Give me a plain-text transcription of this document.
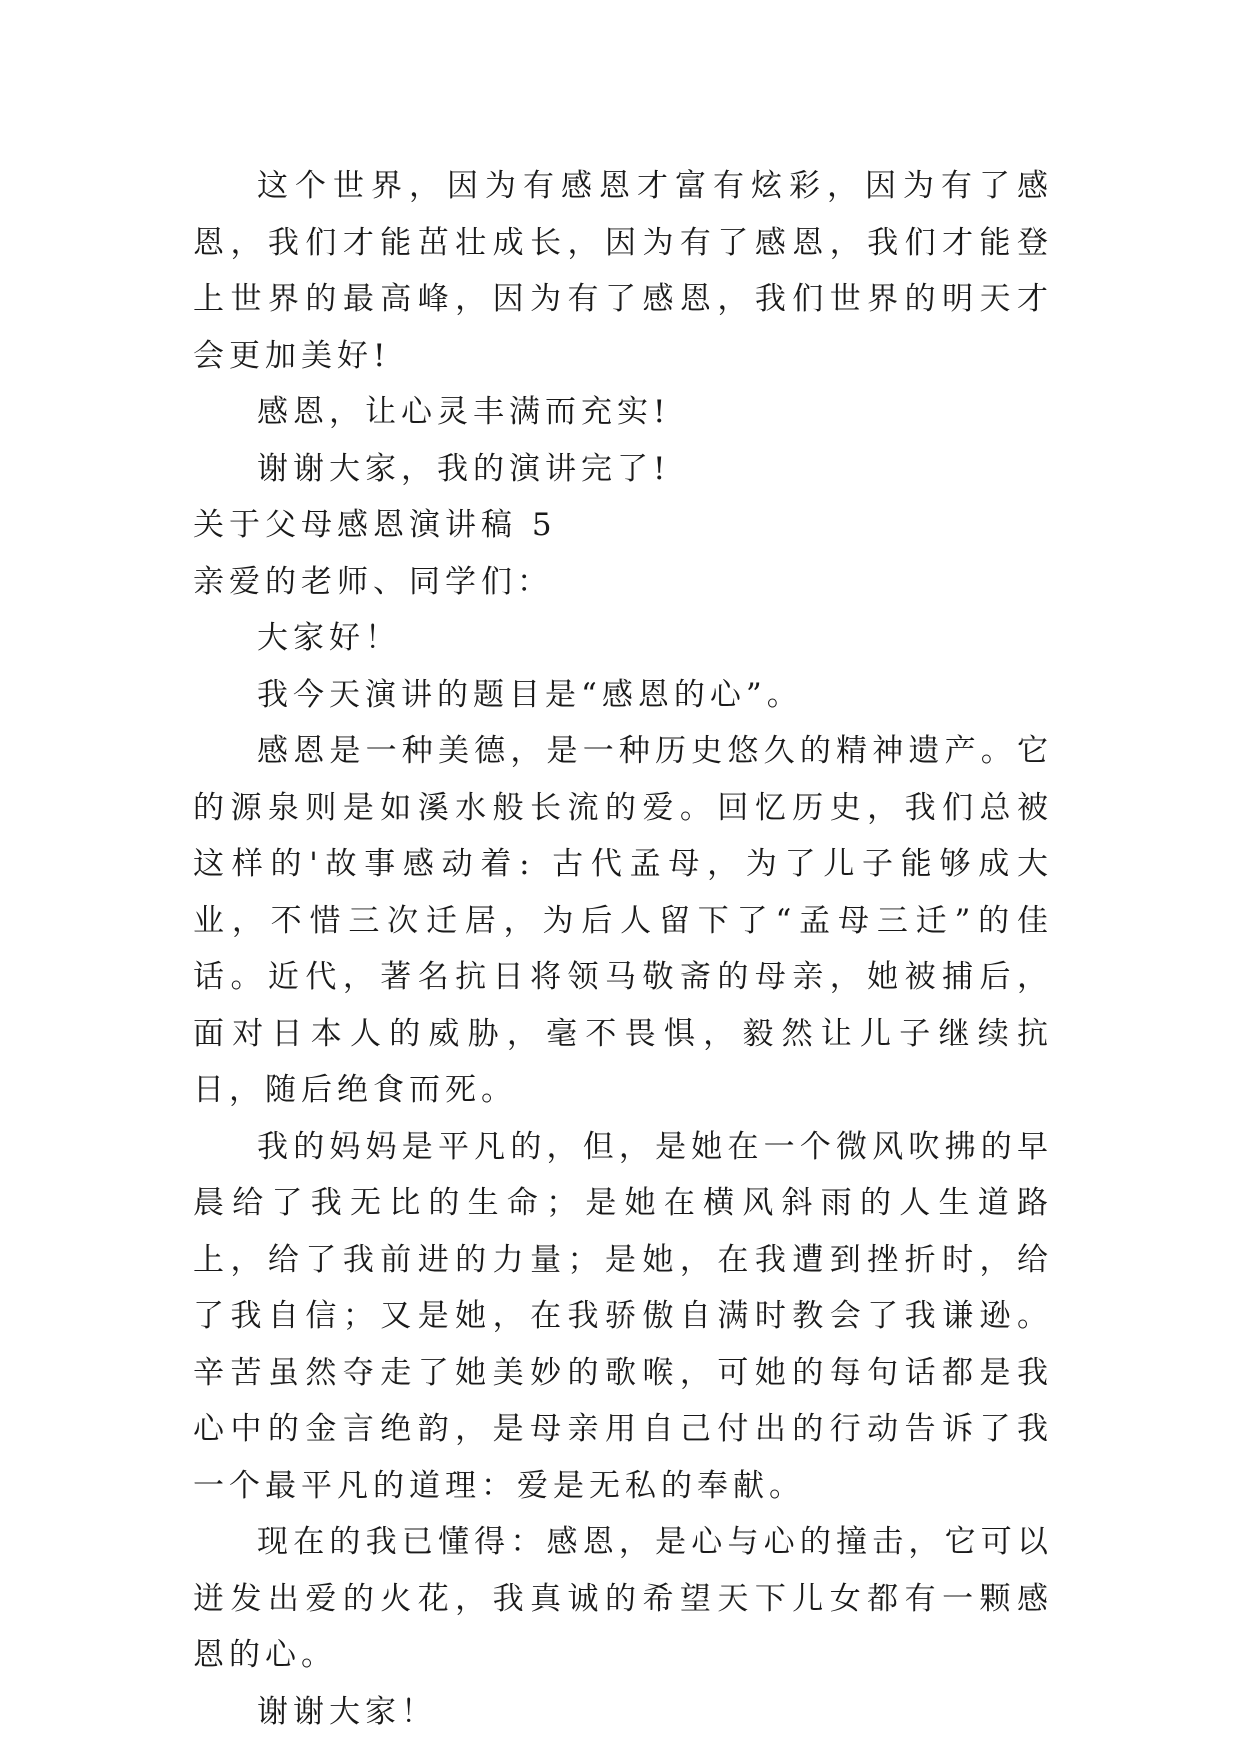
这个世界，因为有感恩才富有炫彩，因为有了感恩，我们才能茁壮成长，因为有了感恩，我们才能登上世界的最高峰，因为有了感恩，我们世界的明天才会更加美好!

感恩，让心灵丰满而充实!

谢谢大家，我的演讲完了!

关于父母感恩演讲稿 5

亲爱的老师、同学们：

大家好！

我今天演讲的题目是“感恩的心”。

感恩是一种美德，是一种历史悠久的精神遗产。它的源泉则是如溪水般长流的爱。回忆历史，我们总被这样的'故事感动着: 古代孟母，为了儿子能够成大业，不惜三次迁居，为后人留下了“孟母三迁”的佳话。近代，著名抗日将领马敬斋的母亲，她被捕后，面对日本人的威胁，毫不畏惧，毅然让儿子继续抗日，随后绝食而死。

我的妈妈是平凡的，但，是她在一个微风吹拂的早晨给了我无比的生命；是她在横风斜雨的人生道路上，给了我前进的力量；是她，在我遭到挫折时，给了我自信；又是她，在我骄傲自满时教会了我谦逊。辛苦虽然夺走了她美妙的歌喉，可她的每句话都是我心中的金言绝韵，是母亲用自己付出的行动告诉了我一个最平凡的道理：爱是无私的奉献。

现在的我已懂得：感恩，是心与心的撞击，它可以迸发出爱的火花，我真诚的希望天下儿女都有一颗感恩的心。

谢谢大家！
